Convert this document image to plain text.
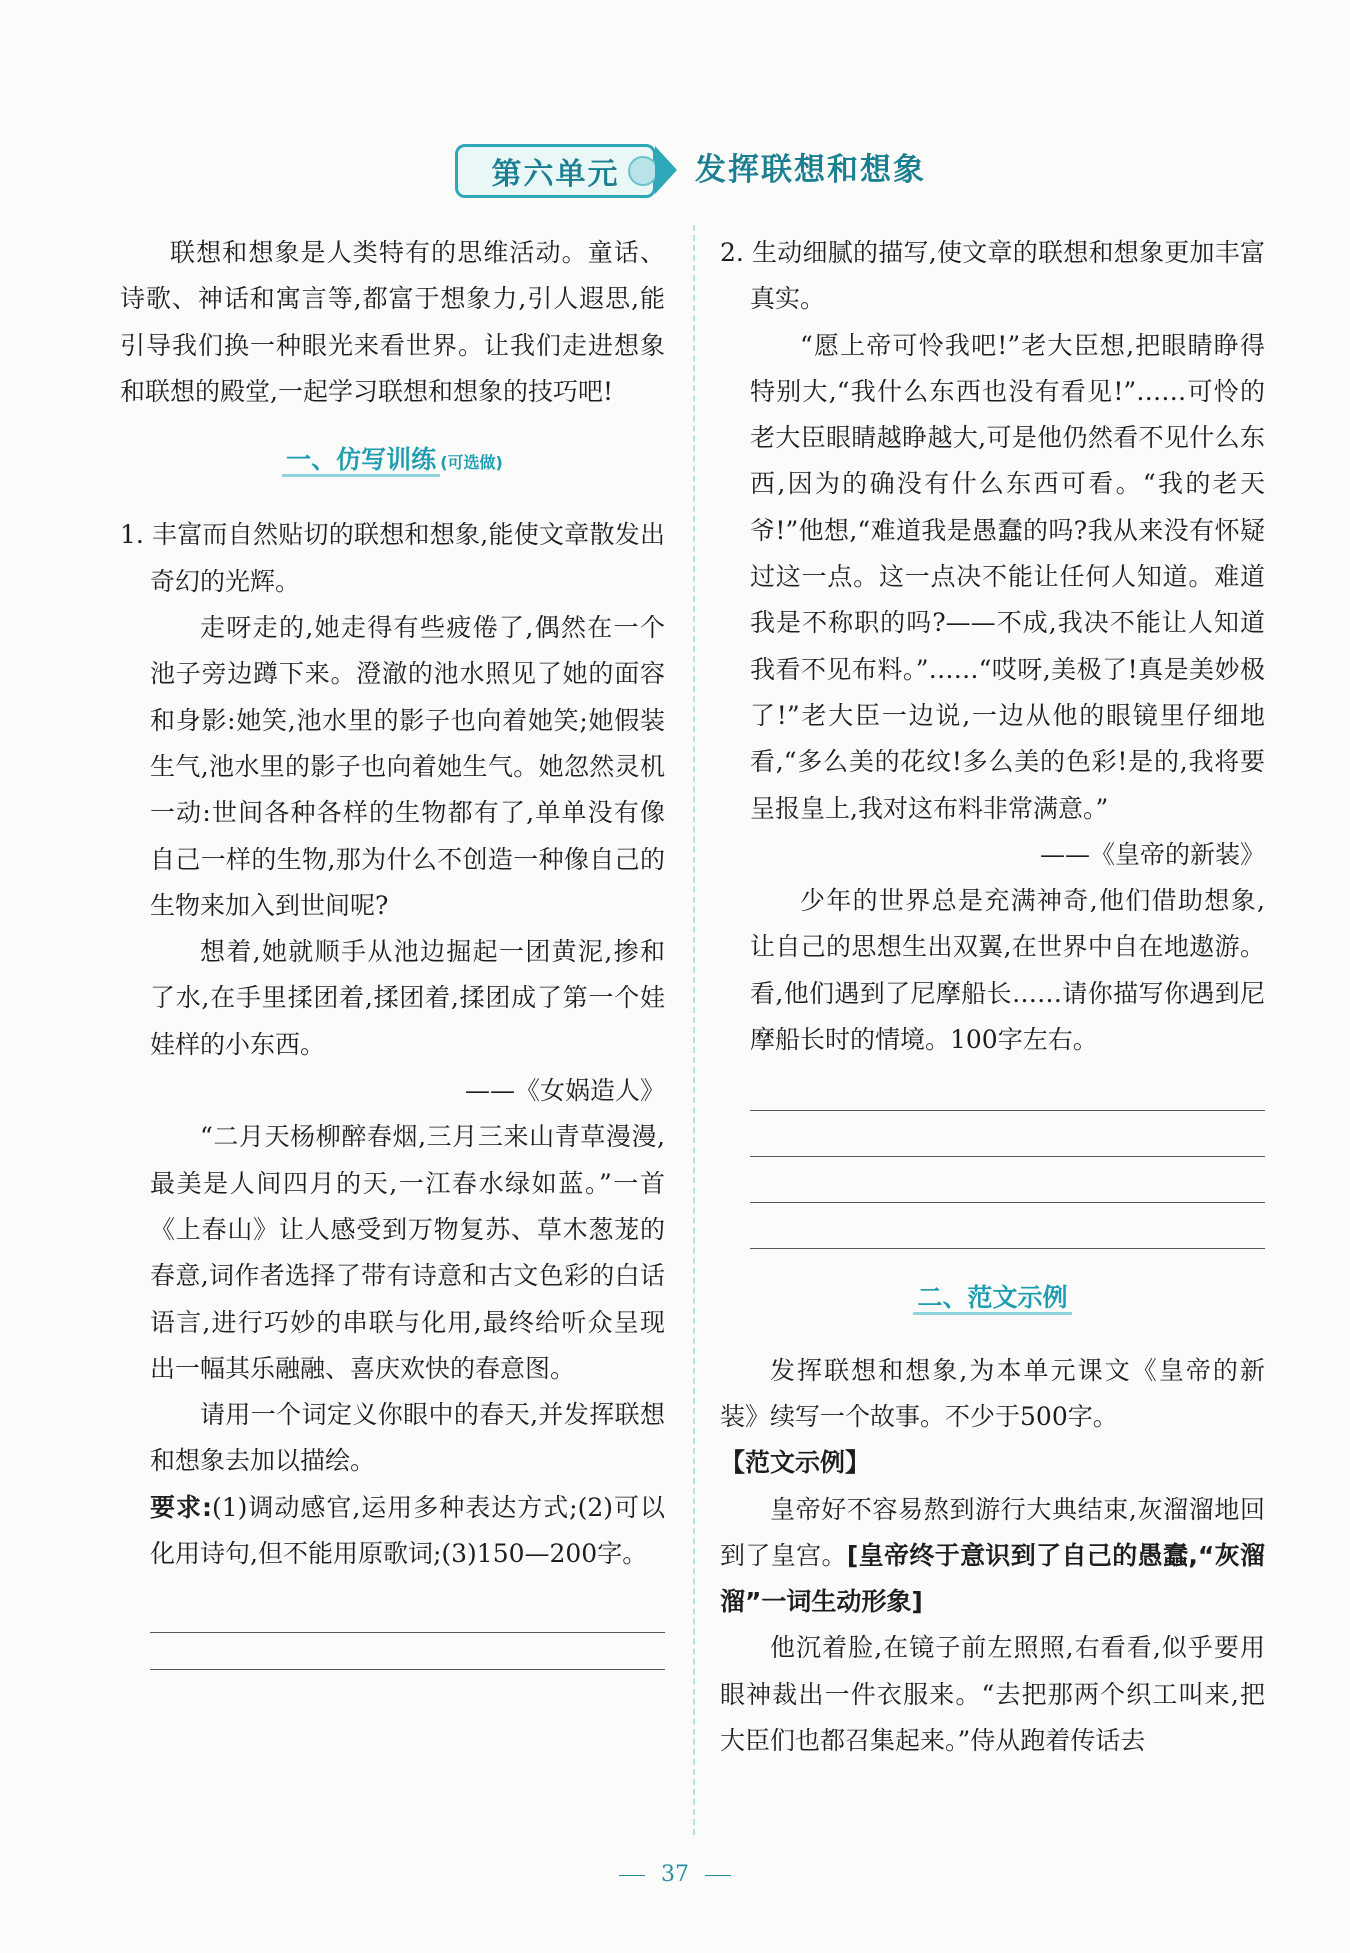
第六单元	发挥联想和想象

联想和想象是人类特有的思维活动。童话、诗歌、神话和寓言等,都富于想象力,引人遐思,能引导我们换一种眼光来看世界。让我们走进想象和联想的殿堂,一起学习联想和想象的技巧吧!

一、仿写训练 (可选做)

1. 丰富而自然贴切的联想和想象,能使文章散发出奇幻的光辉。

走呀走的,她走得有些疲倦了,偶然在一个池子旁边蹲下来。澄澈的池水照见了她的面容和身影:她笑,池水里的影子也向着她笑;她假装生气,池水里的影子也向着她生气。她忽然灵机一动:世间各种各样的生物都有了,单单没有像自己一样的生物,那为什么不创造一种像自己的生物来加入到世间呢?

想着,她就顺手从池边掘起一团黄泥,掺和了水,在手里揉团着,揉团着,揉团成了第一个娃娃样的小东西。

——《女娲造人》

“二月天杨柳醉春烟,三月三来山青草漫漫,最美是人间四月的天,一江春水绿如蓝。”一首《上春山》让人感受到万物复苏、草木葱茏的春意,词作者选择了带有诗意和古文色彩的白话语言,进行巧妙的串联与化用,最终给听众呈现出一幅其乐融融、喜庆欢快的春意图。

请用一个词定义你眼中的春天,并发挥联想和想象去加以描绘。

要求:(1)调动感官,运用多种表达方式;(2)可以化用诗句,但不能用原歌词;(3)150—200字。

2. 生动细腻的描写,使文章的联想和想象更加丰富真实。

“愿上帝可怜我吧!”老大臣想,把眼睛睁得特别大,“我什么东西也没有看见!”……可怜的老大臣眼睛越睁越大,可是他仍然看不见什么东西,因为的确没有什么东西可看。“我的老天爷!”他想,“难道我是愚蠢的吗?我从来没有怀疑过这一点。这一点决不能让任何人知道。难道我是不称职的吗?——不成,我决不能让人知道我看不见布料。”……“哎呀,美极了!真是美妙极了!”老大臣一边说,一边从他的眼镜里仔细地看,“多么美的花纹!多么美的色彩!是的,我将要呈报皇上,我对这布料非常满意。”

——《皇帝的新装》

少年的世界总是充满神奇,他们借助想象,让自己的思想生出双翼,在世界中自在地遨游。看,他们遇到了尼摩船长……请你描写你遇到尼摩船长时的情境。100字左右。

二、范文示例

发挥联想和想象,为本单元课文《皇帝的新装》续写一个故事。不少于500字。

【范文示例】

皇帝好不容易熬到游行大典结束,灰溜溜地回到了皇宫。[皇帝终于意识到了自己的愚蠢,“灰溜溜”一词生动形象]

他沉着脸,在镜子前左照照,右看看,似乎要用眼神裁出一件衣服来。“去把那两个织工叫来,把大臣们也都召集起来。”侍从跑着传话去

37
